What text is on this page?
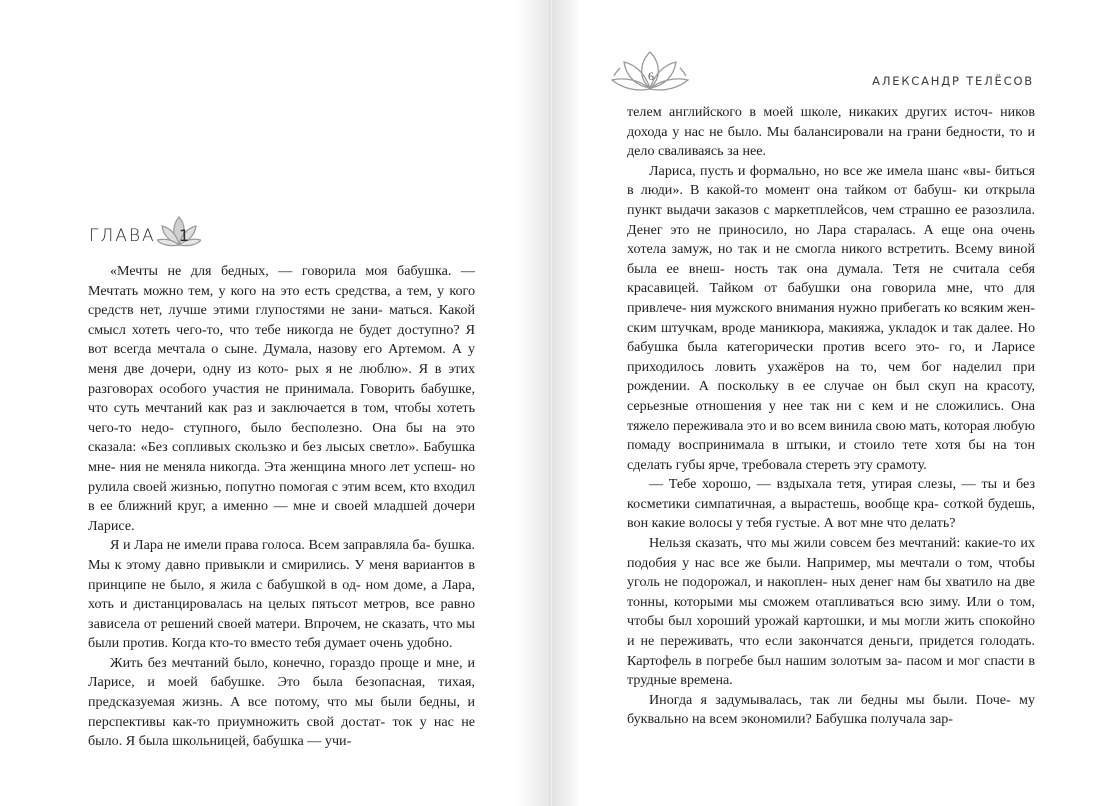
ГЛАВА 1

«Мечты не для бедных, — говорила моя бабушка. — Мечтать можно тем, у кого на это есть средства, а тем, у кого средств нет, лучше этими глупостями не зани- маться. Какой смысл хотеть чего-то, что тебе никогда не будет доступно? Я вот всегда мечтала о сыне. Думала, назову его Артемом. А у меня две дочери, одну из кото- рых я не люблю». Я в этих разговорах особого участия не принимала. Говорить бабушке, что суть мечтаний как раз и заключается в том, чтобы хотеть чего-то недо- ступного, было бесполезно. Она бы на это сказала: «Без сопливых скользко и без лысых светло». Бабушка мне- ния не меняла никогда. Эта женщина много лет успеш- но рулила своей жизнью, попутно помогая с этим всем, кто входил в ее ближний круг, а именно — мне и своей младшей дочери Ларисе.

Я и Лара не имели права голоса. Всем заправляла ба- бушка. Мы к этому давно привыкли и смирились. У меня вариантов в принципе не было, я жила с бабушкой в од- ном доме, а Лара, хоть и дистанцировалась на целых пятьсот метров, все равно зависела от решений своей матери. Впрочем, не сказать, что мы были против. Когда кто-то вместо тебя думает очень удобно.

Жить без мечтаний было, конечно, гораздо проще и мне, и Ларисе, и моей бабушке. Это была безопасная, тихая, предсказуемая жизнь. А все потому, что мы были бедны, и перспективы как-то приумножить свой достат- ток у нас не было. Я была школьницей, бабушка — учи-

6	АЛЕКСАНДР ТЕЛЁСОВ

телем английского в моей школе, никаких других источ- ников дохода у нас не было. Мы балансировали на грани бедности, то и дело сваливаясь за нее.

Лариса, пусть и формально, но все же имела шанс «вы- биться в люди». В какой-то момент она тайком от бабуш- ки открыла пункт выдачи заказов с маркетплейсов, чем страшно ее разозлила. Денег это не приносило, но Лара старалась. А еще она очень хотела замуж, но так и не смогла никого встретить. Всему виной была ее внеш- ность так она думала. Тетя не считала себя красавицей. Тайком от бабушки она говорила мне, что для привлече- ния мужского внимания нужно прибегать ко всяким жен- ским штучкам, вроде маникюра, макияжа, укладок и так далее. Но бабушка была категорически против всего это- го, и Ларисе приходилось ловить ухажёров на то, чем бог наделил при рождении. А поскольку в ее случае он был скуп на красоту, серьезные отношения у нее так ни с кем и не сложились. Она тяжело переживала это и во всем винила свою мать, которая любую помаду воспринимала в штыки, и стоило тете хотя бы на тон сделать губы ярче, требовала стереть эту срамоту.

— Тебе хорошо, — вздыхала тетя, утирая слезы, — ты и без косметики симпатичная, а вырастешь, вообще кра- соткой будешь, вон какие волосы у тебя густые. А вот мне что делать?

Нельзя сказать, что мы жили совсем без мечтаний: какие-то их подобия у нас все же были. Например, мы мечтали о том, чтобы уголь не подорожал, и накоплен- ных денег нам бы хватило на две тонны, которыми мы сможем отапливаться всю зиму. Или о том, чтобы был хороший урожай картошки, и мы могли жить спокойно и не переживать, что если закончатся деньги, придется голодать. Картофель в погребе был нашим золотым за- пасом и мог спасти в трудные времена.

Иногда я задумывалась, так ли бедны мы были. Поче- му буквально на всем экономили? Бабушка получала зар-
